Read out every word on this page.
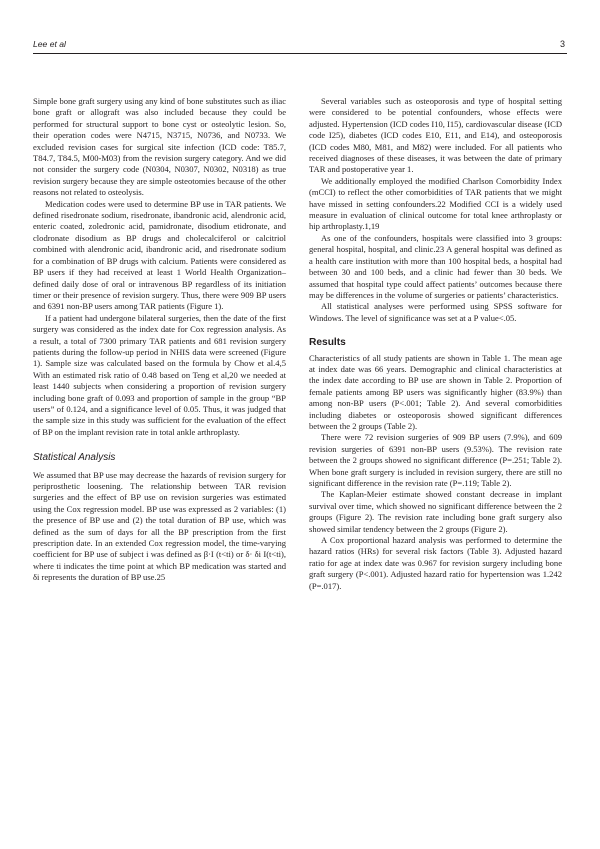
Lee et al	3

Simple bone graft surgery using any kind of bone substitutes such as iliac bone graft or allograft was also included because they could be performed for structural support to bone cyst or osteolytic lesion. So, their operation codes were N4715, N3715, N0736, and N0733. We excluded revision cases for surgical site infection (ICD code: T85.7, T84.7, T84.5, M00-M03) from the revision surgery category. And we did not consider the surgery code (N0304, N0307, N0302, N0318) as true revision surgery because they are simple osteotomies because of the other reasons not related to osteolysis.

Medication codes were used to determine BP use in TAR patients. We defined risedronate sodium, risedronate, ibandronic acid, alendronic acid, enteric coated, zoledronic acid, pamidronate, disodium etidronate, and clodronate disodium as BP drugs and cholecalciferol or calcitriol combined with alendronic acid, ibandronic acid, and risedronate sodium for a combination of BP drugs with calcium. Patients were considered as BP users if they had received at least 1 World Health Organization–defined daily dose of oral or intravenous BP regardless of its initiation timer or their presence of revision surgery. Thus, there were 909 BP users and 6391 non-BP users among TAR patients (Figure 1).

If a patient had undergone bilateral surgeries, then the date of the first surgery was considered as the index date for Cox regression analysis. As a result, a total of 7300 primary TAR patients and 681 revision surgery patients during the follow-up period in NHIS data were screened (Figure 1). Sample size was calculated based on the formula by Chow et al.4,5 With an estimated risk ratio of 0.48 based on Teng et al,20 we needed at least 1440 subjects when considering a proportion of revision surgery including bone graft of 0.093 and proportion of sample in the group “BP users” of 0.124, and a significance level of 0.05. Thus, it was judged that the sample size in this study was sufficient for the evaluation of the effect of BP on the implant revision rate in total ankle arthroplasty.

Statistical Analysis

We assumed that BP use may decrease the hazards of revision surgery for periprosthetic loosening. The relationship between TAR revision surgeries and the effect of BP use on revision surgeries was estimated using the Cox regression model. BP use was expressed as 2 variables: (1) the presence of BP use and (2) the total duration of BP use, which was defined as the sum of days for all the BP prescription from the first prescription date. In an extended Cox regression model, the time-varying coefficient for BP use of subject i was defined as β·I (t<ti) or δ· δi I(t<ti), where ti indicates the time point at which BP medication was started and δi represents the duration of BP use.25

Several variables such as osteoporosis and type of hospital setting were considered to be potential confounders, whose effects were adjusted. Hypertension (ICD codes I10, I15), cardiovascular disease (ICD code I25), diabetes (ICD codes E10, E11, and E14), and osteoporosis (ICD codes M80, M81, and M82) were included. For all patients who received diagnoses of these diseases, it was between the date of primary TAR and postoperative year 1.

We additionally employed the modified Charlson Comorbidity Index (mCCI) to reflect the other comorbidities of TAR patients that we might have missed in setting confounders.22 Modified CCI is a widely used measure in evaluation of clinical outcome for total knee arthroplasty or hip arthroplasty.1,19

As one of the confounders, hospitals were classified into 3 groups: general hospital, hospital, and clinic.23 A general hospital was defined as a health care institution with more than 100 hospital beds, a hospital had between 30 and 100 beds, and a clinic had fewer than 30 beds. We assumed that hospital type could affect patients’ outcomes because there may be differences in the volume of surgeries or patients’ characteristics.

All statistical analyses were performed using SPSS software for Windows. The level of significance was set at a P value<.05.

Results

Characteristics of all study patients are shown in Table 1. The mean age at index date was 66 years. Demographic and clinical characteristics at the index date according to BP use are shown in Table 2. Proportion of female patients among BP users was significantly higher (83.9%) than among non-BP users (P<.001; Table 2). And several comorbidities including diabetes or osteoporosis showed significant differences between the 2 groups (Table 2).

There were 72 revision surgeries of 909 BP users (7.9%), and 609 revision surgeries of 6391 non-BP users (9.53%). The revision rate between the 2 groups showed no significant difference (P=.251; Table 2). When bone graft surgery is included in revision surgery, there are still no significant difference in the revision rate (P=.119; Table 2).

The Kaplan-Meier estimate showed constant decrease in implant survival over time, which showed no significant difference between the 2 groups (Figure 2). The revision rate including bone graft surgery also showed similar tendency between the 2 groups (Figure 2).

A Cox proportional hazard analysis was performed to determine the hazard ratios (HRs) for several risk factors (Table 3). Adjusted hazard ratio for age at index date was 0.967 for revision surgery including bone graft surgery (P<.001). Adjusted hazard ratio for hypertension was 1.242 (P=.017).
